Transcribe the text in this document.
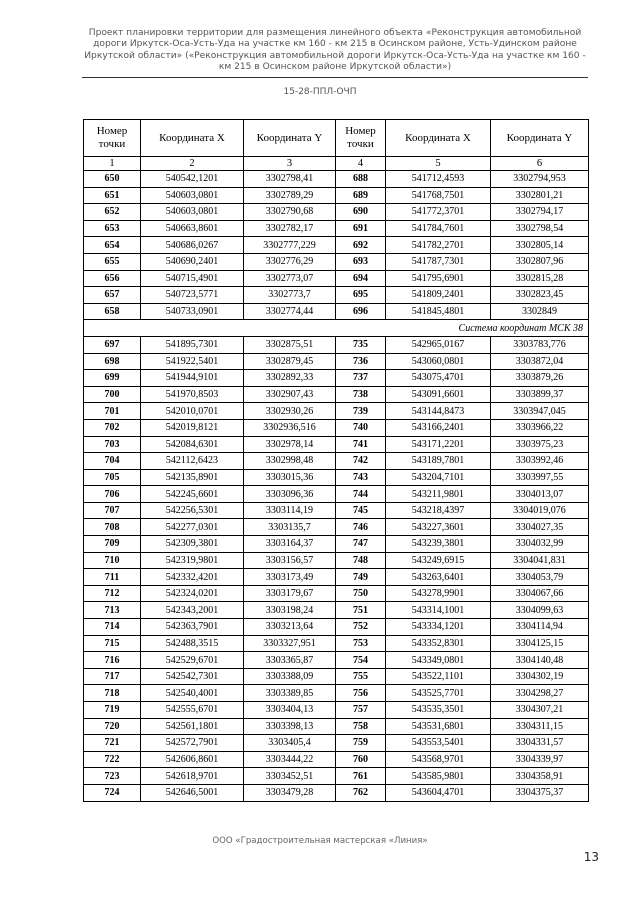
Проект планировки территории для размещения линейного объекта «Реконструкция автомобильной дороги Иркутск-Оса-Усть-Уда на участке км 160 - км 215 в Осинском районе, Усть-Удинском районе Иркутской области» («Реконструкция автомобильной дороги Иркутск-Оса-Усть-Уда на участке км 160 - км 215 в Осинском районе Иркутской области»)
15-28-ППЛ-ОЧП
Номер точки	Координата X	Координата Y	Номер точки	Координата X	Координата Y
1	2	3	4	5	6
650	540542,1201	3302798,41	688	541712,4593	3302794,953
651	540603,0801	3302789,29	689	541768,7501	3302801,21
652	540603,0801	3302790,68	690	541772,3701	3302794,17
653	540663,8601	3302782,17	691	541784,7601	3302798,54
654	540686,0267	3302777,229	692	541782,2701	3302805,14
655	540690,2401	3302776,29	693	541787,7301	3302807,96
656	540715,4901	3302773,07	694	541795,6901	3302815,28
657	540723,5771	3302773,7	695	541809,2401	3302823,45
658	540733,0901	3302774,44	696	541845,4801	3302849
Система координат МСК 38					
697	541895,7301	3302875,51	735	542965,0167	3303783,776
698	541922,5401	3302879,45	736	543060,0801	3303872,04
699	541944,9101	3302892,33	737	543075,4701	3303879,26
700	541970,8503	3302907,43	738	543091,6601	3303899,37
701	542010,0701	3302930,26	739	543144,8473	3303947,045
702	542019,8121	3302936,516	740	543166,2401	3303966,22
703	542084,6301	3302978,14	741	543171,2201	3303975,23
704	542112,6423	3302998,48	742	543189,7801	3303992,46
705	542135,8901	3303015,36	743	543204,7101	3303997,55
706	542245,6601	3303096,36	744	543211,9801	3304013,07
707	542256,5301	3303114,19	745	543218,4397	3304019,076
708	542277,0301	3303135,7	746	543227,3601	3304027,35
709	542309,3801	3303164,37	747	543239,3801	3304032,99
710	542319,9801	3303156,57	748	543249,6915	3304041,831
711	542332,4201	3303173,49	749	543263,6401	3304053,79
712	542324,0201	3303179,67	750	543278,9901	3304067,66
713	542343,2001	3303198,24	751	543314,1001	3304099,63
714	542363,7901	3303213,64	752	543334,1201	3304114,94
715	542488,3515	3303327,951	753	543352,8301	3304125,15
716	542529,6701	3303365,87	754	543349,0801	3304140,48
717	542542,7301	3303388,09	755	543522,1101	3304302,19
718	542540,4001	3303389,85	756	543525,7701	3304298,27
719	542555,6701	3303404,13	757	543535,3501	3304307,21
720	542561,1801	3303398,13	758	543531,6801	3304311,15
721	542572,7901	3303405,4	759	543553,5401	3304331,57
722	542606,8601	3303444,22	760	543568,9701	3304339,97
723	542618,9701	3303452,51	761	543585,9801	3304358,91
724	542646,5001	3303479,28	762	543604,4701	3304375,37
ООО «Градостроительная мастерская «Линия»
13
